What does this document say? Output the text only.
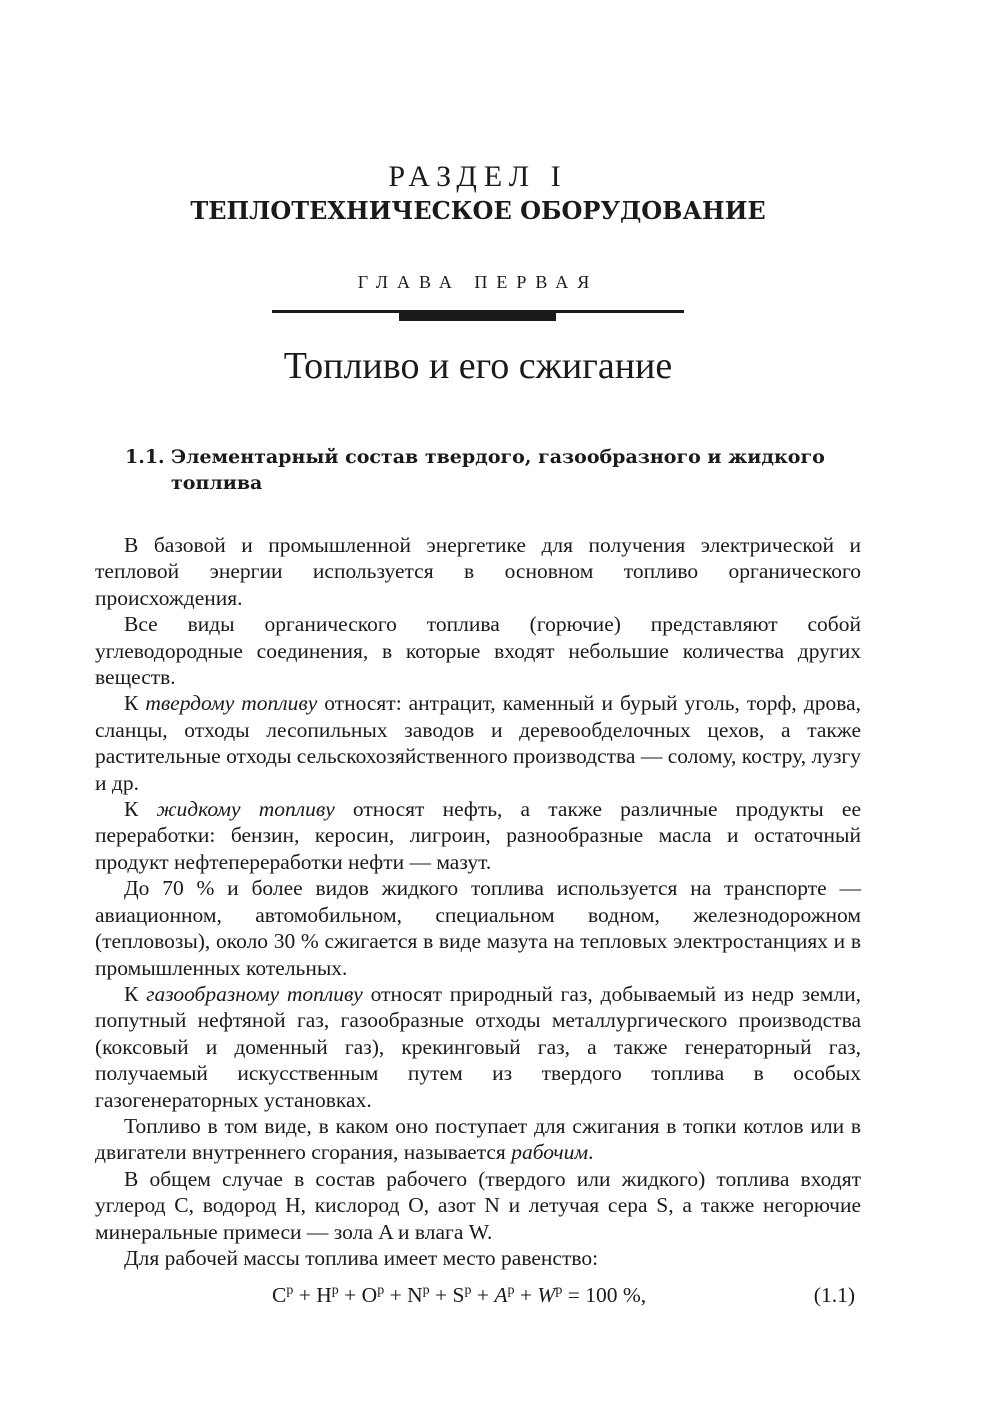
РАЗДЕЛ I
ТЕПЛОТЕХНИЧЕСКОЕ ОБОРУДОВАНИЕ
ГЛАВА ПЕРВАЯ
Топливо и его сжигание
1.1. Элементарный состав твердого, газообразного и жидкого топлива

В базовой и промышленной энергетике для получения электрической и тепловой энергии используется в основном топливо органического происхождения.

Все виды органического топлива (горючие) представляют собой углеводородные соединения, в которые входят небольшие количества других веществ.

К твердому топливу относят: антрацит, каменный и бурый уголь, торф, дрова, сланцы, отходы лесопильных заводов и деревообделочных цехов, а также растительные отходы сельскохозяйственного производства — солому, костру, лузгу и др.

К жидкому топливу относят нефть, а также различные продукты ее переработки: бензин, керосин, лигроин, разнообразные масла и остаточный продукт нефтепереработки нефти — мазут.

До 70 % и более видов жидкого топлива используется на транспорте — авиационном, автомобильном, специальном водном, железнодорожном (тепловозы), около 30 % сжигается в виде мазута на тепловых электростанциях и в промышленных котельных.

К газообразному топливу относят природный газ, добываемый из недр земли, попутный нефтяной газ, газообразные отходы металлургического производства (коксовый и доменный газ), крекинговый газ, а также генераторный газ, получаемый искусственным путем из твердого топлива в особых газогенераторных установках.

Топливо в том виде, в каком оно поступает для сжигания в топки котлов или в двигатели внутреннего сгорания, называется рабочим.

В общем случае в состав рабочего (твердого или жидкого) топлива входят углерод C, водород H, кислород O, азот N и летучая сера S, а также негорючие минеральные примеси — зола A и влага W.

Для рабочей массы топлива имеет место равенство:

$C^р + H^р + O^р + N^р + S^р + A^р + W^р = 100$ %,	(1.1)
